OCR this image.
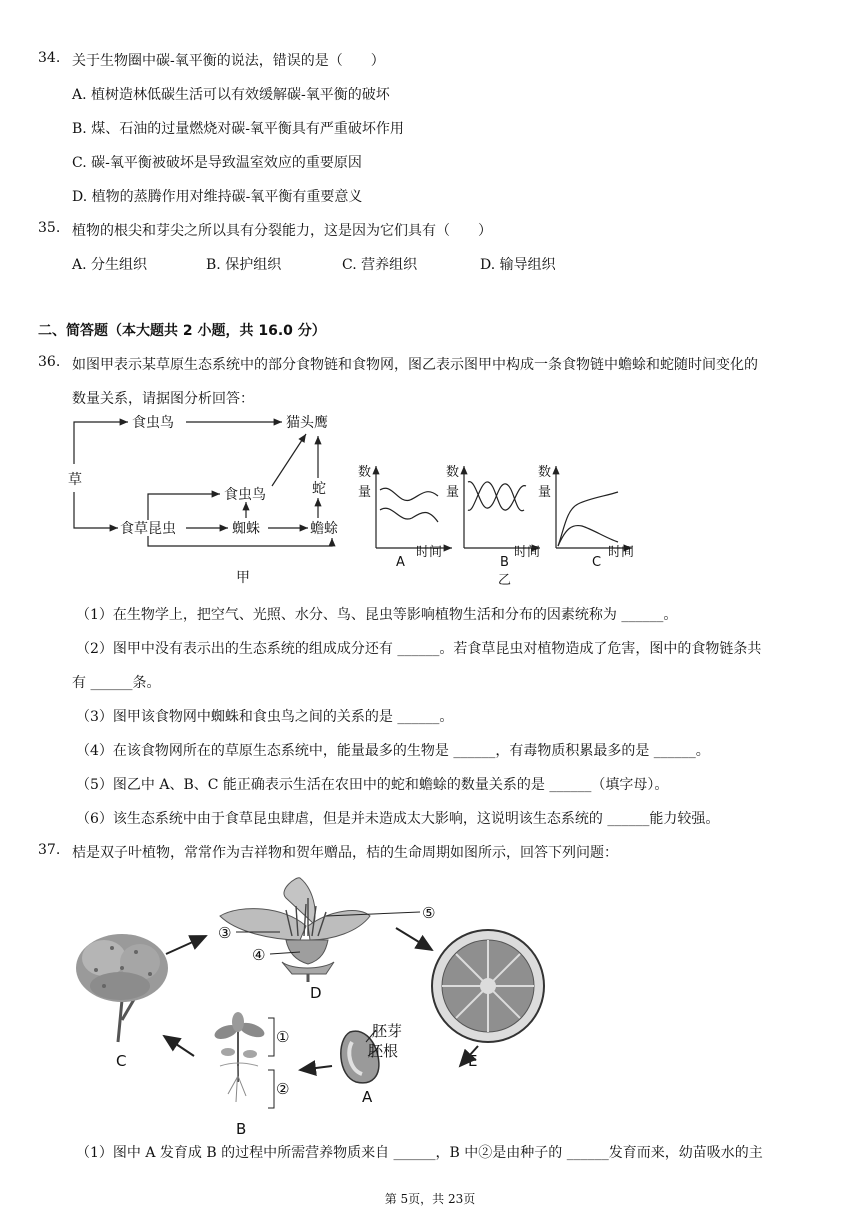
34. 关于生物圈中碳-氧平衡的说法，错误的是（　　）
A. 植树造林低碳生活可以有效缓解碳-氧平衡的破坏
B. 煤、石油的过量燃烧对碳-氧平衡具有严重破坏作用
C. 碳-氧平衡被破坏是导致温室效应的重要原因
D. 植物的蒸腾作用对维持碳-氧平衡有重要意义
35. 植物的根尖和芽尖之所以具有分裂能力，这是因为它们具有（　　）
A. 分生组织	B. 保护组织	C. 营养组织	D. 输导组织
二、简答题（本大题共 2 小题，共 16.0 分）
36. 如图甲表示某草原生态系统中的部分食物链和食物网，图乙表示图甲中构成一条食物链中蟾蜍和蛇随时间变化的
数量关系，请据图分析回答：
草
食虫鸟	猫头鹰
食虫鸟	蛇
食草昆虫	蜘蛛	蟾蜍
甲
数
量
数
量
数
量
A
时间
B
时间
C
时间
乙
（1）在生物学上，把空气、光照、水分、鸟、昆虫等影响植物生活和分布的因素统称为 ______。
（2）图甲中没有表示出的生态系统的组成成分还有 ______。若食草昆虫对植物造成了危害，图中的食物链条共
有 ______条。
（3）图甲该食物网中蜘蛛和食虫鸟之间的关系的是 ______。
（4）在该食物网所在的草原生态系统中，能量最多的生物是 ______，有毒物质积累最多的是 ______。
（5）图乙中 A、B、C 能正确表示生活在农田中的蛇和蟾蜍的数量关系的是 ______（填字母）。
（6）该生态系统中由于食草昆虫肆虐，但是并未造成太大影响，这说明该生态系统的 ______能力较强。
37. 桔是双子叶植物，常常作为吉祥物和贺年赠品，桔的生命周期如图所示，回答下列问题：
③
④
⑤
D
E
胚芽
胚根
A
①
②
B
C
（1）图中 A 发育成 B 的过程中所需营养物质来自 ______，B 中②是由种子的 ______发育而来，幼苗吸水的主
第 5页，共 23页
